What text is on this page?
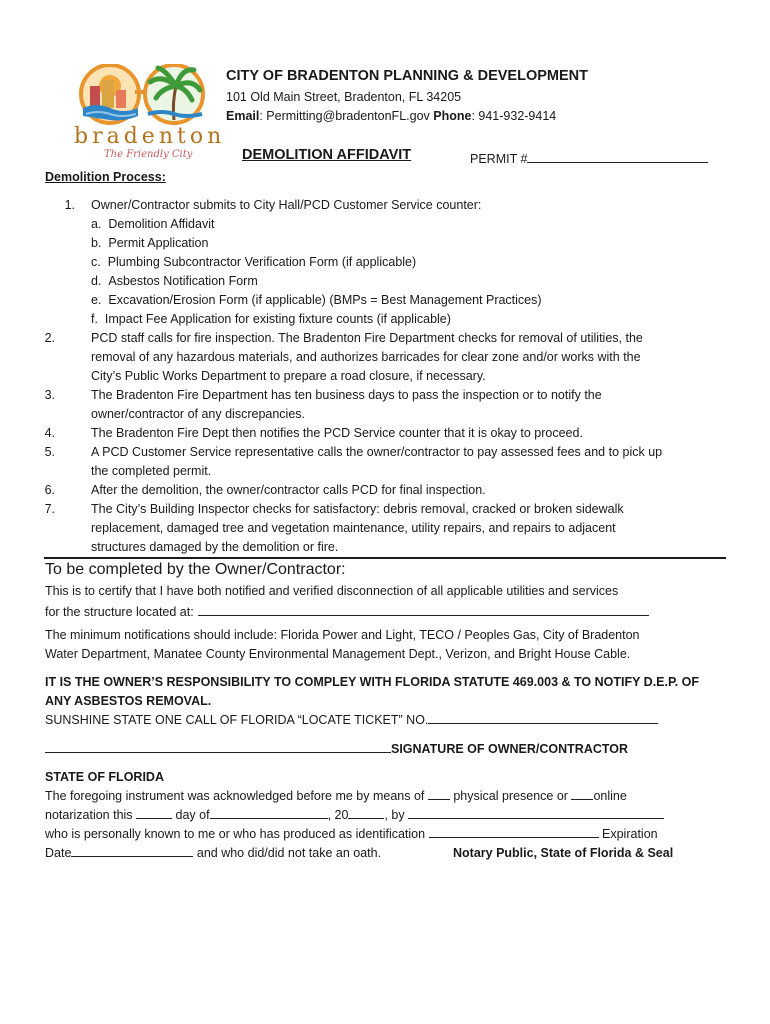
bradenton
The Friendly City
CITY OF BRADENTON PLANNING & DEVELOPMENT
101 Old Main Street, Bradenton, FL 34205
Email: Permitting@bradentonFL.gov Phone: 941-932-9414
DEMOLITION AFFIDAVIT	PERMIT #
Demolition Process:
1. Owner/Contractor submits to City Hall/PCD Customer Service counter:
a. Demolition Affidavit
b. Permit Application
c. Plumbing Subcontractor Verification Form (if applicable)
d. Asbestos Notification Form
e. Excavation/Erosion Form (if applicable) (BMPs = Best Management Practices)
f. Impact Fee Application for existing fixture counts (if applicable)
2.	PCD staff calls for fire inspection. The Bradenton Fire Department checks for removal of utilities, the
removal of any hazardous materials, and authorizes barricades for clear zone and/or works with the
City’s Public Works Department to prepare a road closure, if necessary.
3.	The Bradenton Fire Department has ten business days to pass the inspection or to notify the
owner/contractor of any discrepancies.
4.	The Bradenton Fire Dept then notifies the PCD Service counter that it is okay to proceed.
5.	A PCD Customer Service representative calls the owner/contractor to pay assessed fees and to pick up
the completed permit.
6.	After the demolition, the owner/contractor calls PCD for final inspection.
7.	The City’s Building Inspector checks for satisfactory: debris removal, cracked or broken sidewalk
replacement, damaged tree and vegetation maintenance, utility repairs, and repairs to adjacent
structures damaged by the demolition or fire.
To be completed by the Owner/Contractor:
This is to certify that I have both notified and verified disconnection of all applicable utilities and services
for the structure located at:
The minimum notifications should include: Florida Power and Light, TECO / Peoples Gas, City of Bradenton
Water Department, Manatee County Environmental Management Dept., Verizon, and Bright House Cable.
IT IS THE OWNER’S RESPONSIBILITY TO COMPLEY WITH FLORIDA STATUTE 469.003 & TO NOTIFY D.E.P. OF
ANY ASBESTOS REMOVAL.
SUNSHINE STATE ONE CALL OF FLORIDA “LOCATE TICKET” NO.
SIGNATURE OF OWNER/CONTRACTOR
STATE OF FLORIDA
The foregoing instrument was acknowledged before me by means of  physical presence or online
notarization this	day of	, 20	, by
who is personally known to me or who has produced as identification	Expiration
Date	and who did/did not take an oath.	Notary Public, State of Florida & Seal
